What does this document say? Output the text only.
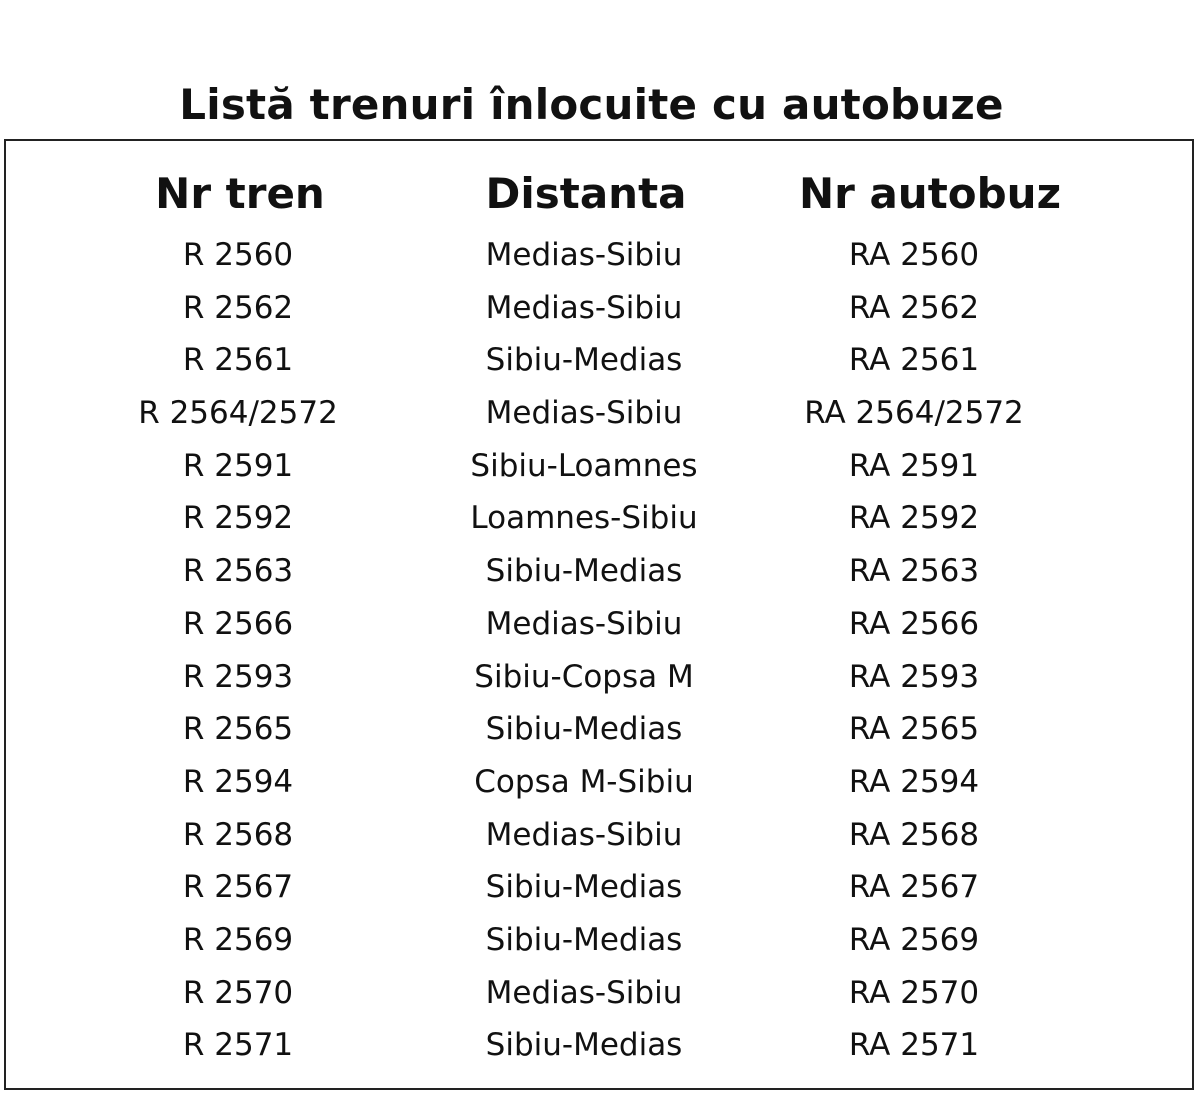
Listă trenuri înlocuite cu autobuze
Nr tren	Distanta	Nr autobuz
R 2560	Medias-Sibiu	RA 2560
R 2562	Medias-Sibiu	RA 2562
R 2561	Sibiu-Medias	RA 2561
R 2564/2572	Medias-Sibiu	RA 2564/2572
R 2591	Sibiu-Loamnes	RA 2591
R 2592	Loamnes-Sibiu	RA 2592
R 2563	Sibiu-Medias	RA 2563
R 2566	Medias-Sibiu	RA 2566
R 2593	Sibiu-Copsa M	RA 2593
R 2565	Sibiu-Medias	RA 2565
R 2594	Copsa M-Sibiu	RA 2594
R 2568	Medias-Sibiu	RA 2568
R 2567	Sibiu-Medias	RA 2567
R 2569	Sibiu-Medias	RA 2569
R 2570	Medias-Sibiu	RA 2570
R 2571	Sibiu-Medias	RA 2571
